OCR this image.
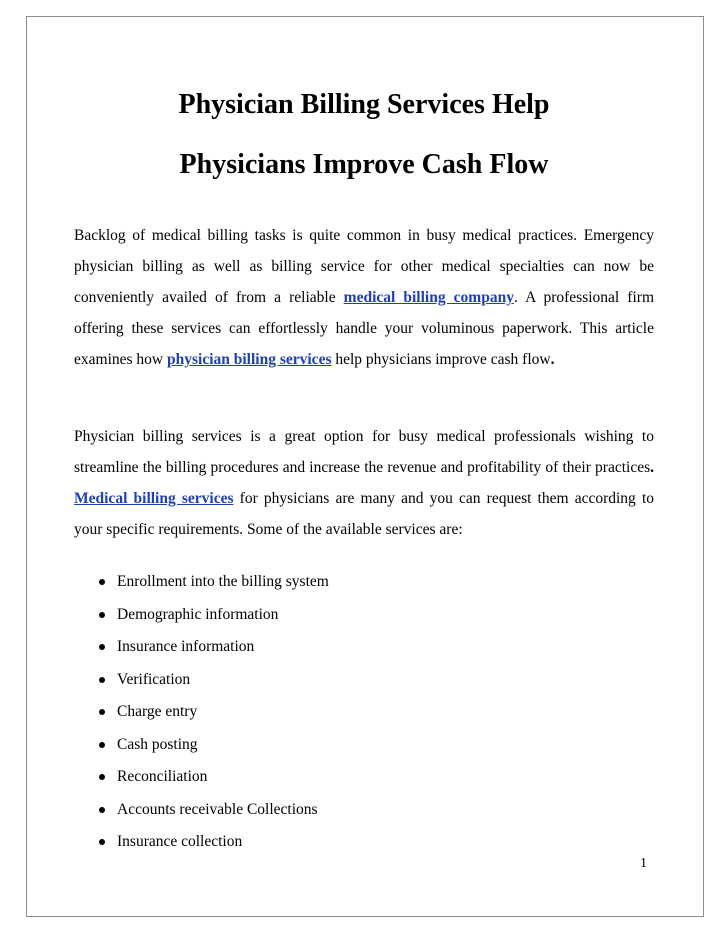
Physician Billing Services Help
Physicians Improve Cash Flow

Backlog of medical billing tasks is quite common in busy medical practices. Emergency physician billing as well as billing service for other medical specialties can now be conveniently availed of from a reliable medical billing company. A professional firm offering these services can effortlessly handle your voluminous paperwork. This article examines how physician billing services help physicians improve cash flow.

Physician billing services is a great option for busy medical professionals wishing to streamline the billing procedures and increase the revenue and profitability of their practices. Medical billing services for physicians are many and you can request them according to your specific requirements. Some of the available services are:

Enrollment into the billing system
Demographic information
Insurance information
Verification
Charge entry
Cash posting
Reconciliation
Accounts receivable Collections
Insurance collection

1
